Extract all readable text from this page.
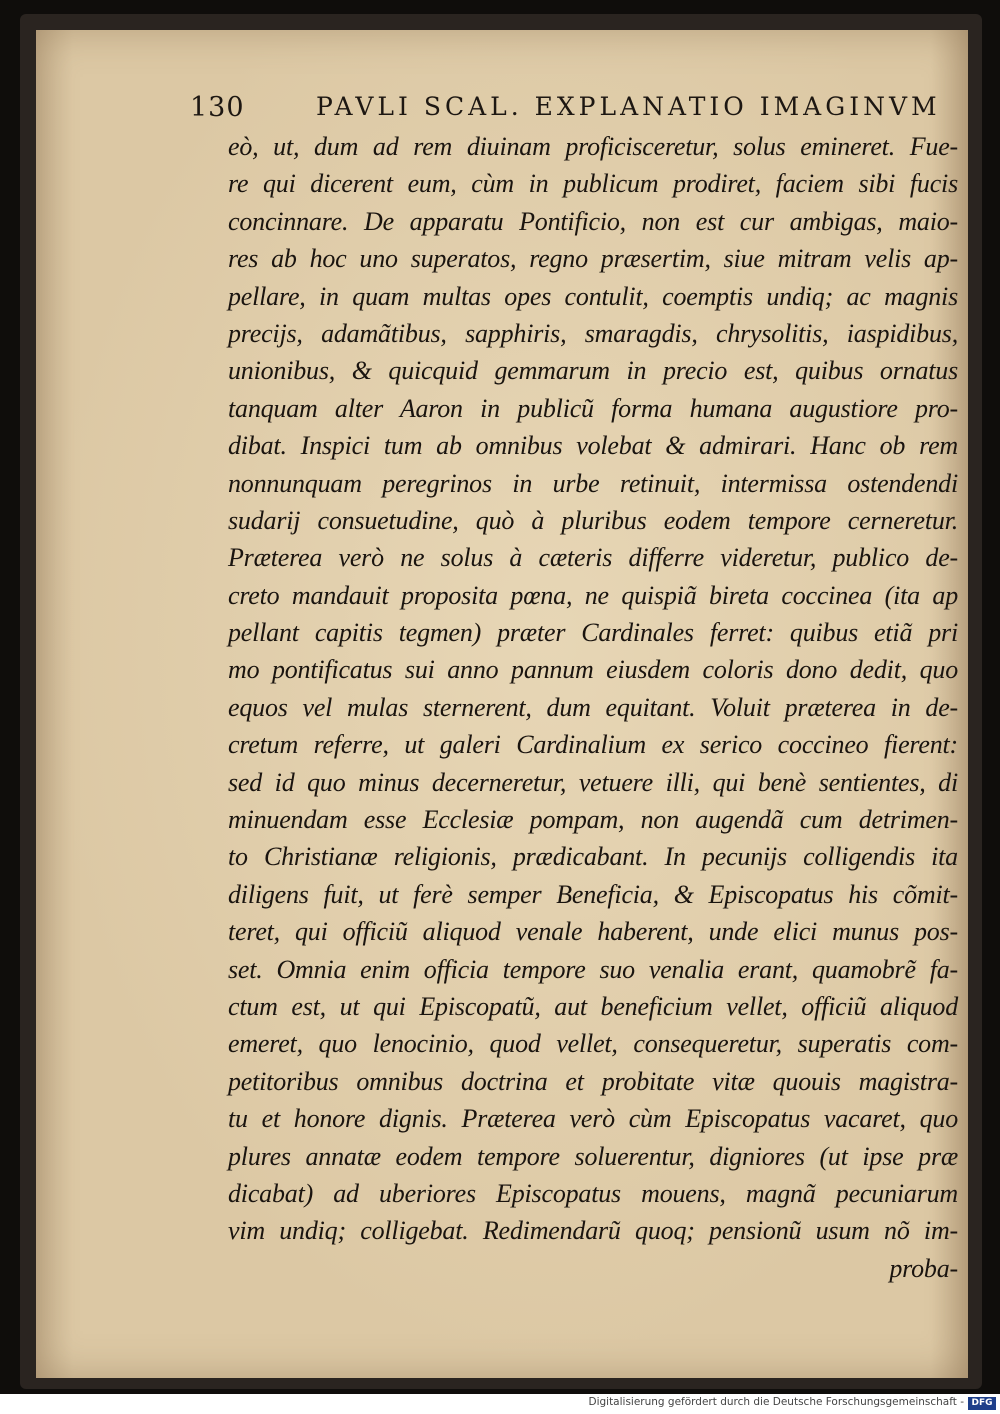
130	PAVLI SCAL. EXPLANATIO IMAGINVM
eò, ut, dum ad rem diuinam proficisceretur, solus emineret. Fue-
re qui dicerent eum, cùm in publicum prodiret, faciem sibi fucis
concinnare. De apparatu Pontificio, non est cur ambigas, maio-
res ab hoc uno superatos, regno præsertim, siue mitram velis ap-
pellare, in quam multas opes contulit, coemptis undiq; ac magnis
precijs, adamãtibus, sapphiris, smaragdis, chrysolitis, iaspidibus,
unionibus, & quicquid gemmarum in precio est, quibus ornatus
tanquam alter Aaron in publicũ forma humana augustiore pro-
dibat. Inspici tum ab omnibus volebat & admirari. Hanc ob rem
nonnunquam peregrinos in urbe retinuit, intermissa ostendendi
sudarij consuetudine, quò à pluribus eodem tempore cerneretur.
Præterea verò ne solus à cæteris differre videretur, publico de-
creto mandauit proposita pœna, ne quispiã bireta coccinea (ita ap
pellant capitis tegmen) præter Cardinales ferret: quibus etiã pri
mo pontificatus sui anno pannum eiusdem coloris dono dedit, quo
equos vel mulas sternerent, dum equitant. Voluit præterea in de-
cretum referre, ut galeri Cardinalium ex serico coccineo fierent:
sed id quo minus decerneretur, vetuere illi, qui benè sentientes, di
minuendam esse Ecclesiæ pompam, non augendã cum detrimen-
to Christianæ religionis, prædicabant. In pecunijs colligendis ita
diligens fuit, ut ferè semper Beneficia, & Episcopatus his cõmit-
teret, qui officiũ aliquod venale haberent, unde elici munus pos-
set. Omnia enim officia tempore suo venalia erant, quamobrẽ fa-
ctum est, ut qui Episcopatũ, aut beneficium vellet, officiũ aliquod
emeret, quo lenocinio, quod vellet, consequeretur, superatis com-
petitoribus omnibus doctrina et probitate vitæ quouis magistra-
tu et honore dignis. Præterea verò cùm Episcopatus vacaret, quo
plures annatæ eodem tempore soluerentur, digniores (ut ipse præ
dicabat) ad uberiores Episcopatus mouens, magnã pecuniarum
vim undiq; colligebat. Redimendarũ quoq; pensionũ usum nõ im-
proba-
Digitalisierung gefördert durch die Deutsche Forschungsgemeinschaft - DFG
